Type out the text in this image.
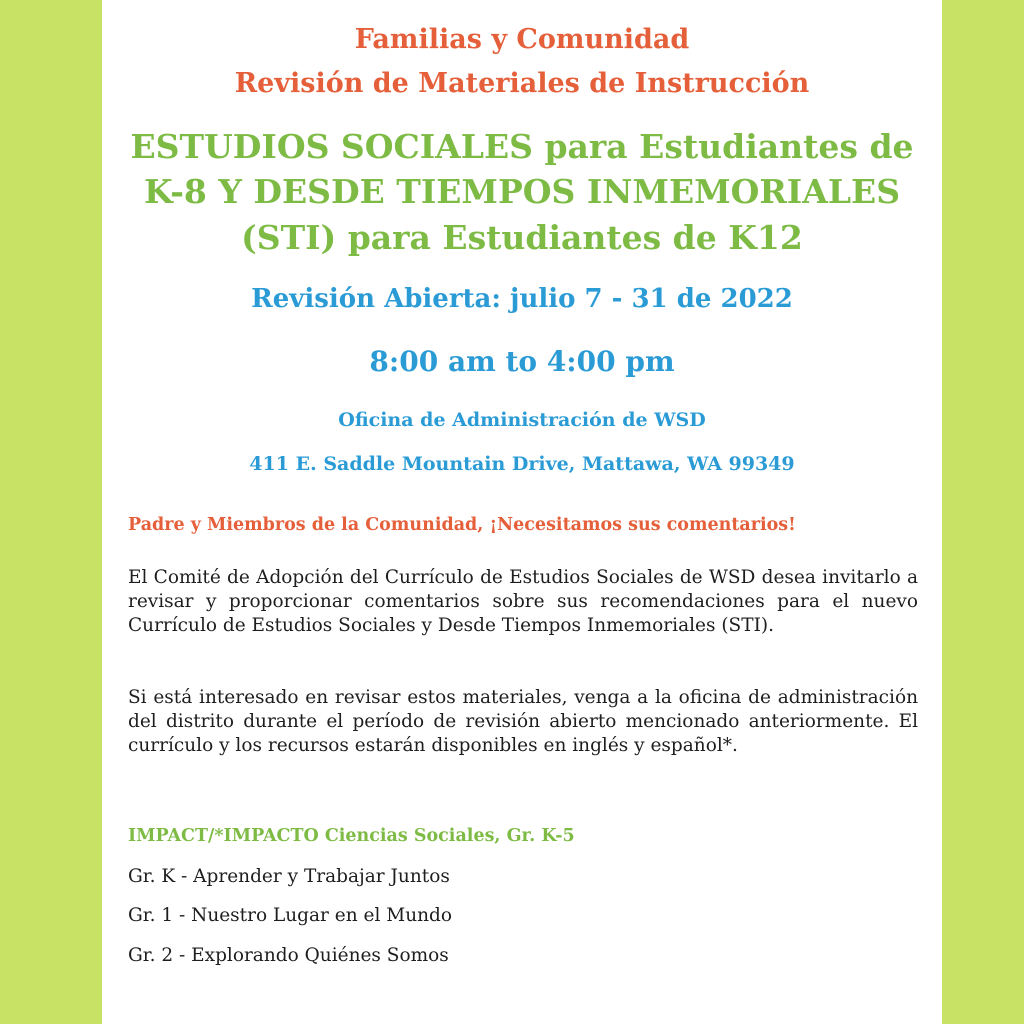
Familias y Comunidad

Revisión de Materiales de Instrucción

ESTUDIOS SOCIALES para Estudiantes de

K-8 Y DESDE TIEMPOS INMEMORIALES

(STI) para Estudiantes de K12

Revisión Abierta: julio 7 - 31 de 2022

8:00 am to 4:00 pm

Oficina de Administración de WSD

411 E. Saddle Mountain Drive, Mattawa, WA 99349

Padre y Miembros de la Comunidad, ¡Necesitamos sus comentarios!

El Comité de Adopción del Currículo de Estudios Sociales de WSD desea invitarlo a revisar y proporcionar comentarios sobre sus recomendaciones para el nuevo Currículo de Estudios Sociales y Desde Tiempos Inmemoriales (STI).

Si está interesado en revisar estos materiales, venga a la oficina de administración del distrito durante el período de revisión abierto mencionado anteriormente. El currículo y los recursos estarán disponibles en inglés y español*.

IMPACT/*IMPACTO Ciencias Sociales, Gr. K-5

Gr. K - Aprender y Trabajar Juntos

Gr. 1 - Nuestro Lugar en el Mundo

Gr. 2 - Explorando Quiénes Somos
